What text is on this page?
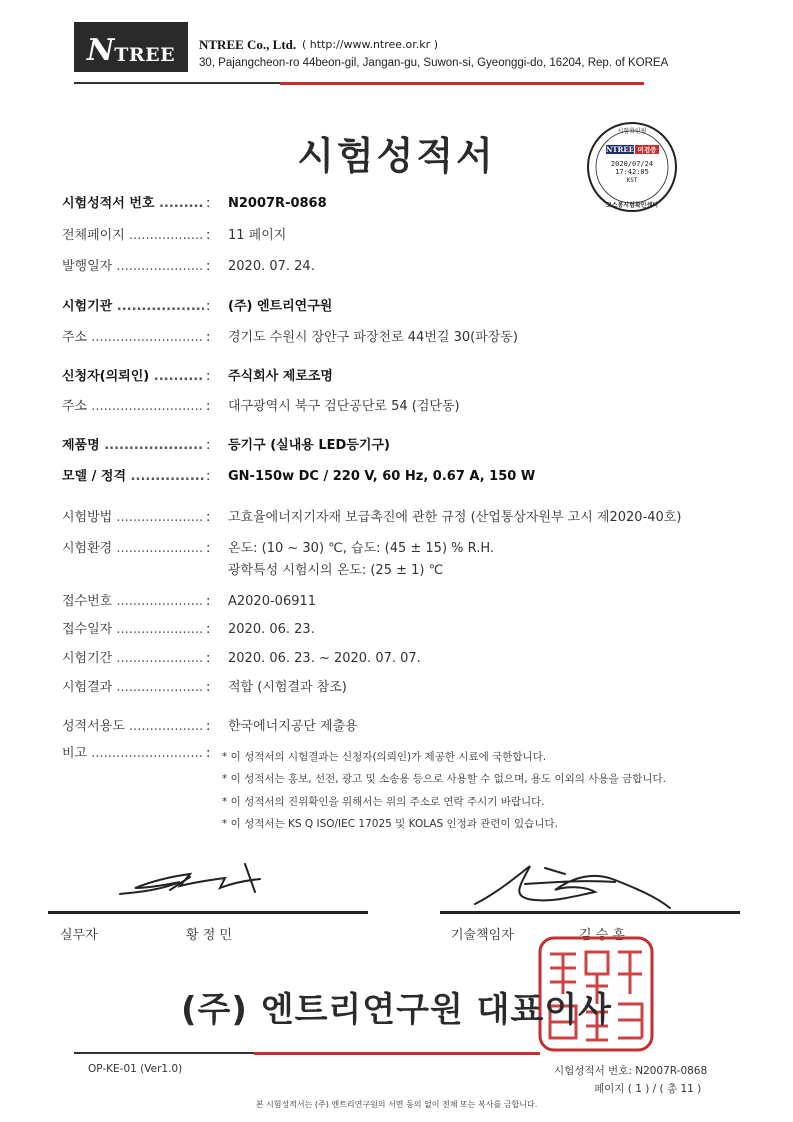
N TREE NTREE Co., Ltd. ( http://www.ntree.or.kr )
30, Pajangcheon-ro 44beon-gil, Jangan-gu, Suwon-si, Gyeonggi-do, 16204, Rep. of KOREA
시험성적서
시험확인필
NTREE 미검증
2020/07/24
17:42:05
KST
코스몽시험확인센터
시험성적서 번호 .....	:	N2007R-0868
전체페이지 .....	:	11 페이지
발행일자 .....	:	2020. 07. 24.
시험기관 .....	:	(주) 엔트리연구원
주소 .....	:	경기도 수원시 장안구 파장천로 44번길 30(파장동)
신청자(의뢰인) .....	:	주식회사 제로조명
주소 .....	:	대구광역시 북구 검단공단로 54 (검단동)
제품명 .....	:	등기구 (실내용 LED등기구)
모델 / 정격 .....	:	GN-150w DC / 220 V, 60 Hz, 0.67 A, 150 W
시험방법 .....	:	고효율에너지기자재 보급촉진에 관한 규정 (산업통상자원부 고시 제2020-40호)
시험환경 .....	:	온도: (10 ~ 30) ℃, 습도: (45 ± 15) % R.H.
광학특성 시험시의 온도: (25 ± 1) ℃
접수번호 .....	:	A2020-06911
접수일자 .....	:	2020. 06. 23.
시험기간 .....	:	2020. 06. 23. ~ 2020. 07. 07.
시험결과 .....	:	적합 (시험결과 참조)
성적서용도 .....	:	한국에너지공단 제출용
비고 .....	:	* 이 성적서의 시험결과는 신청자(의뢰인)가 제공한 시료에 국한합니다.
* 이 성적서는 홍보, 선전, 광고 및 소송용 등으로 사용할 수 없으며, 용도 이외의 사용을 금합니다.
* 이 성적서의 진위확인을 위해서는 위의 주소로 연락 주시기 바랍니다.
* 이 성적서는 KS Q ISO/IEC 17025 및 KOLAS 인정과 관련이 있습니다.
실무자	황 정 민	기술책임자	김 승 훈
(주) 엔트리연구원 대표이사
OP-KE-01 (Ver1.0)	시험성적서 번호: N2007R-0868
페이지 ( 1 ) / ( 총 11 )
본 시험성적서는 (주) 엔트리연구원의 서면 동의 없이 전체 또는 복사를 금합니다.
